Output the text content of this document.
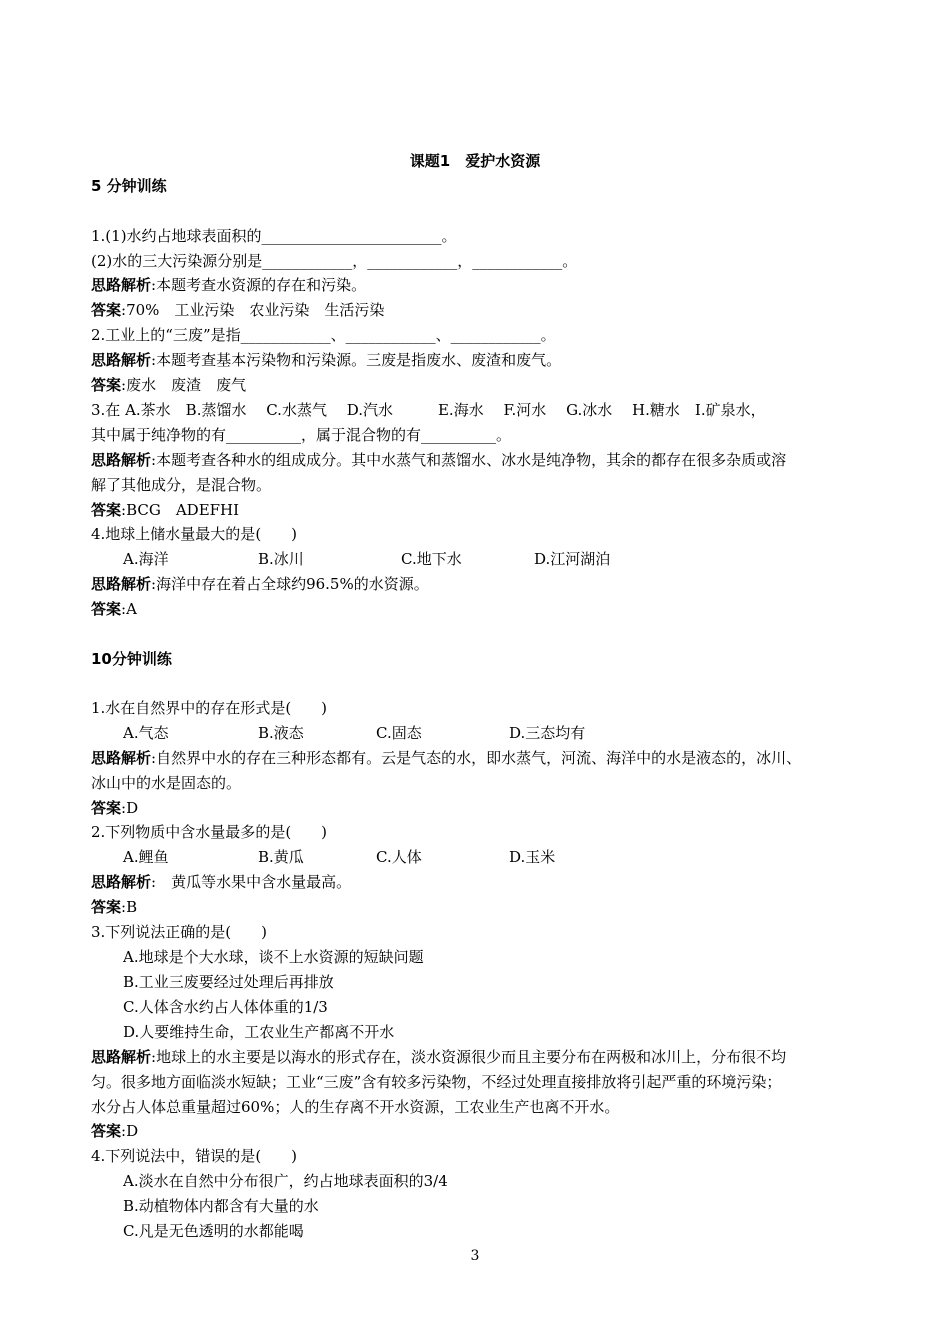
课题1　爱护水资源
5 分钟训练
1.(1)水约占地球表面积的________________________。
(2)水的三大污染源分别是____________，____________，____________。
思路解析:本题考查水资源的存在和污染。
答案:70%　工业污染　农业污染　生活污染
2.工业上的“三废”是指____________、____________、____________。
思路解析:本题考查基本污染物和污染源。三废是指废水、废渣和废气。
答案:废水　废渣　废气
3.在 A.茶水　B.蒸馏水　 C.水蒸气　 D.汽水　　　E.海水　 F.河水　 G.冰水　 H.糖水　I.矿泉水，
其中属于纯净物的有__________，属于混合物的有__________。
思路解析:本题考查各种水的组成成分。其中水蒸气和蒸馏水、冰水是纯净物，其余的都存在很多杂质或溶
解了其他成分，是混合物。
答案:BCG　ADEFHI
4.地球上储水量最大的是(　　)
A.海洋	B.冰川	C.地下水	D.江河湖泊
思路解析:海洋中存在着占全球约96.5%的水资源。
答案:A
10分钟训练
1.水在自然界中的存在形式是(　　)
A.气态	B.液态	C.固态	D.三态均有
思路解析:自然界中水的存在三种形态都有。云是气态的水，即水蒸气，河流、海洋中的水是液态的，冰川、
冰山中的水是固态的。
答案:D
2.下列物质中含水量最多的是(　　)
A.鲤鱼	B.黄瓜	C.人体	D.玉米
思路解析:　黄瓜等水果中含水量最高。
答案:B
3.下列说法正确的是(　　)
A.地球是个大水球，谈不上水资源的短缺问题
B.工业三废要经过处理后再排放
C.人体含水约占人体体重的1/3
D.人要维持生命，工农业生产都离不开水
思路解析:地球上的水主要是以海水的形式存在，淡水资源很少而且主要分布在两极和冰川上，分布很不均
匀。很多地方面临淡水短缺；工业“三废”含有较多污染物，不经过处理直接排放将引起严重的环境污染；
水分占人体总重量超过60%；人的生存离不开水资源，工农业生产也离不开水。
答案:D
4.下列说法中，错误的是(　　)
A.淡水在自然中分布很广，约占地球表面积的3/4
B.动植物体内都含有大量的水
C.凡是无色透明的水都能喝
3
